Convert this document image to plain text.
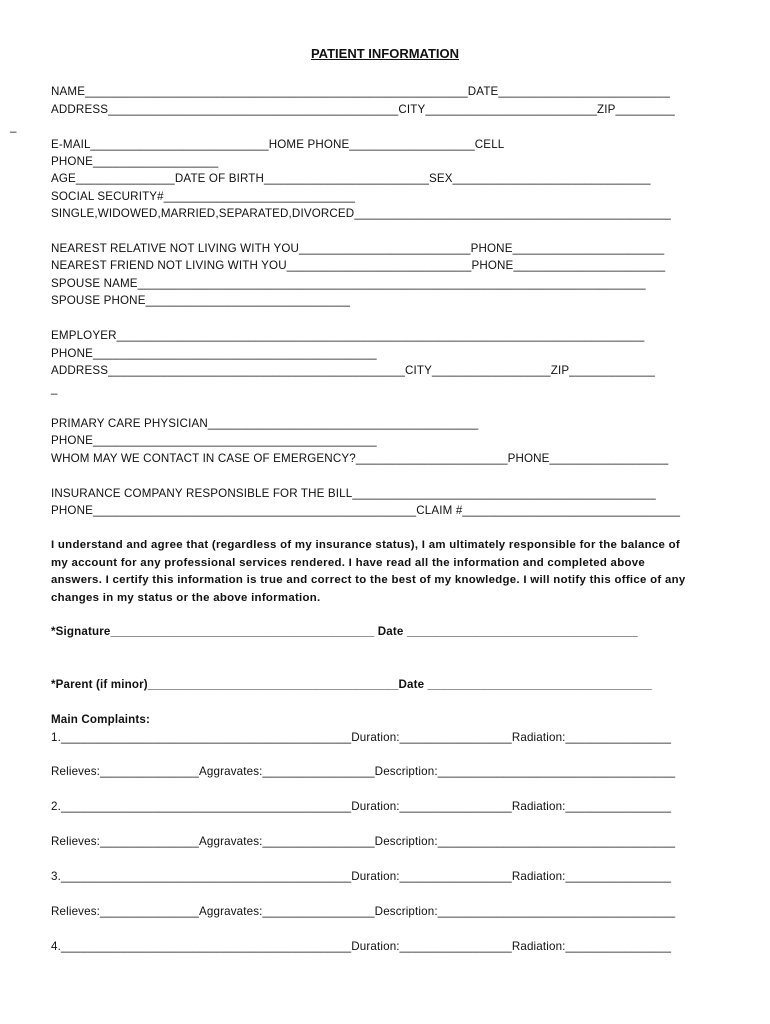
PATIENT INFORMATION
NAME__________________________________________________________DATE__________________________
ADDRESS____________________________________________CITY__________________________ZIP_________
_
E-MAIL___________________________HOME PHONE___________________CELL
PHONE___________________
AGE_______________DATE OF BIRTH_________________________SEX______________________________
SOCIAL SECURITY#_____________________________
SINGLE,WIDOWED,MARRIED,SEPARATED,DIVORCED________________________________________________
NEAREST RELATIVE NOT LIVING WITH YOU__________________________PHONE_______________________
NEAREST FRIEND NOT LIVING WITH YOU____________________________PHONE_______________________
SPOUSE NAME_____________________________________________________________________________
SPOUSE PHONE_______________________________
EMPLOYER________________________________________________________________________________
PHONE___________________________________________
ADDRESS_____________________________________________CITY__________________ZIP_____________
_
PRIMARY CARE PHYSICIAN_________________________________________
PHONE___________________________________________
WHOM MAY WE CONTACT IN CASE OF EMERGENCY?_______________________PHONE__________________
INSURANCE COMPANY RESPONSIBLE FOR THE BILL______________________________________________
PHONE_________________________________________________CLAIM #_________________________________
I understand and agree that (regardless of my insurance status), I am ultimately responsible for the balance of
my account for any professional services rendered. I have read all the information and completed above
answers. I certify this information is true and correct to the best of my knowledge. I will notify this office of any
changes in my status or the above information.
*Signature________________________________________ Date ___________________________________
*Parent (if minor)______________________________________Date __________________________________
Main Complaints:
1.____________________________________________Duration:_________________Radiation:________________
Relieves:_______________Aggravates:_________________Description:____________________________________
2.____________________________________________Duration:_________________Radiation:________________
Relieves:_______________Aggravates:_________________Description:____________________________________
3.____________________________________________Duration:_________________Radiation:________________
Relieves:_______________Aggravates:_________________Description:____________________________________
4.____________________________________________Duration:_________________Radiation:________________
